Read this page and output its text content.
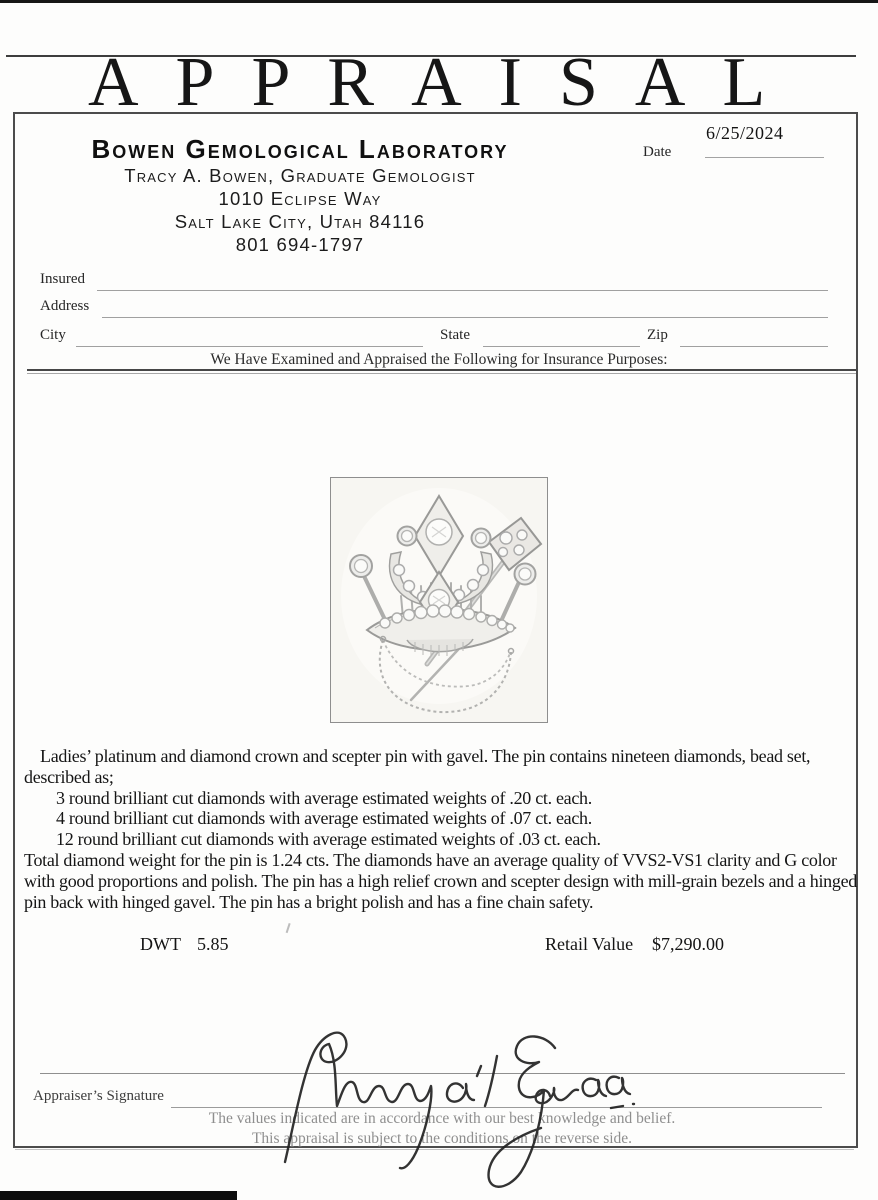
APPRAISAL
Bowen Gemological Laboratory
Tracy A. Bowen, Graduate Gemologist
1010 Eclipse Way
Salt Lake City, Utah 84116
801 694-1797
6/25/2024
Date
Insured
Address
City	State	Zip
We Have Examined and Appraised the Following for Insurance Purposes:
Ladies’ platinum and diamond crown and scepter pin with gavel. The pin contains nineteen diamonds, bead set, described as;
3 round brilliant cut diamonds with average estimated weights of .20 ct. each.
4 round brilliant cut diamonds with average estimated weights of .07 ct. each.
12 round brilliant cut diamonds with average estimated weights of .03 ct. each.
Total diamond weight for the pin is 1.24 cts. The diamonds have an average quality of VVS2-VS1 clarity and G color with good proportions and polish. The pin has a high relief crown and scepter design with mill-grain bezels and a hinged pin back with hinged gavel. The pin has a bright polish and has a fine chain safety.
DWT 5.85	Retail Value $7,290.00
Appraiser’s Signature
The values indicated are in accordance with our best knowledge and belief.
This appraisal is subject to the conditions on the reverse side.
